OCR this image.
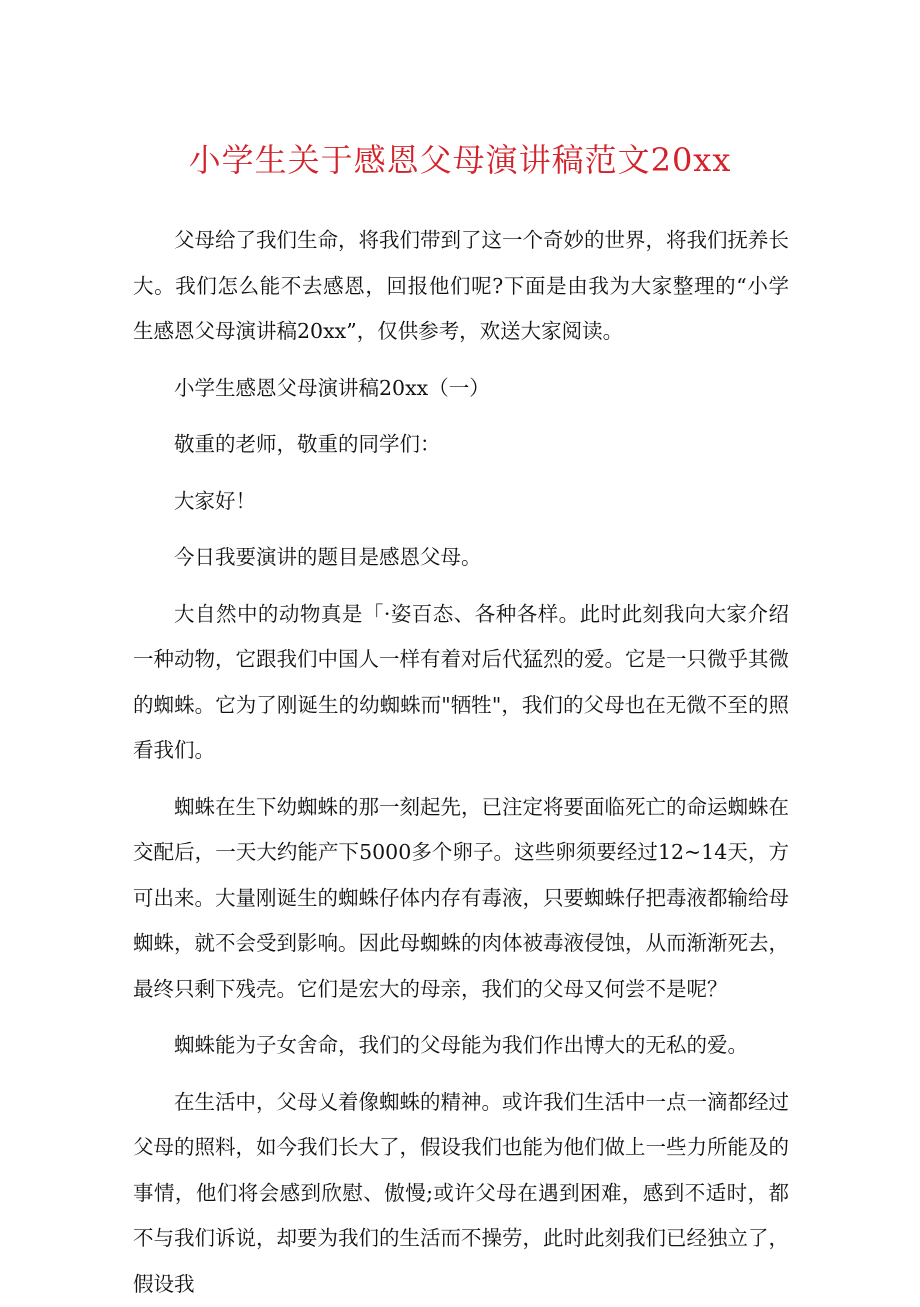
小学生关于感恩父母演讲稿范文20xx

父母给了我们生命，将我们带到了这一个奇妙的世界，将我们抚养长大。我们怎么能不去感恩，回报他们呢?下面是由我为大家整理的“小学生感恩父母演讲稿20xx”，仅供参考，欢送大家阅读。

小学生感恩父母演讲稿20xx（一）

敬重的老师，敬重的同学们：

大家好！

今日我要演讲的题目是感恩父母。

大自然中的动物真是「·姿百态、各种各样。此时此刻我向大家介绍一种动物，它跟我们中国人一样有着对后代猛烈的爱。它是一只微乎其微的蜘蛛。它为了刚诞生的幼蜘蛛而"牺牲"，我们的父母也在无微不至的照看我们。

蜘蛛在生下幼蜘蛛的那一刻起先，已注定将要面临死亡的命运蜘蛛在交配后，一天大约能产下5000多个卵子。这些卵须要经过12~14天，方可出来。大量刚诞生的蜘蛛仔体内存有毒液，只要蜘蛛仔把毒液都输给母蜘蛛，就不会受到影响。因此母蜘蛛的肉体被毒液侵蚀，从而渐渐死去，最终只剩下残壳。它们是宏大的母亲，我们的父母又何尝不是呢？

蜘蛛能为子女舍命，我们的父母能为我们作出博大的无私的爱。

在生活中，父母乂着像蜘蛛的精神。或许我们生活中一点一滴都经过父母的照料，如今我们长大了，假设我们也能为他们做上一些力所能及的事情，他们将会感到欣慰、傲慢;或许父母在遇到困难，感到不适时，都不与我们诉说，却要为我们的生活而不操劳，此时此刻我们已经独立了，假设我
